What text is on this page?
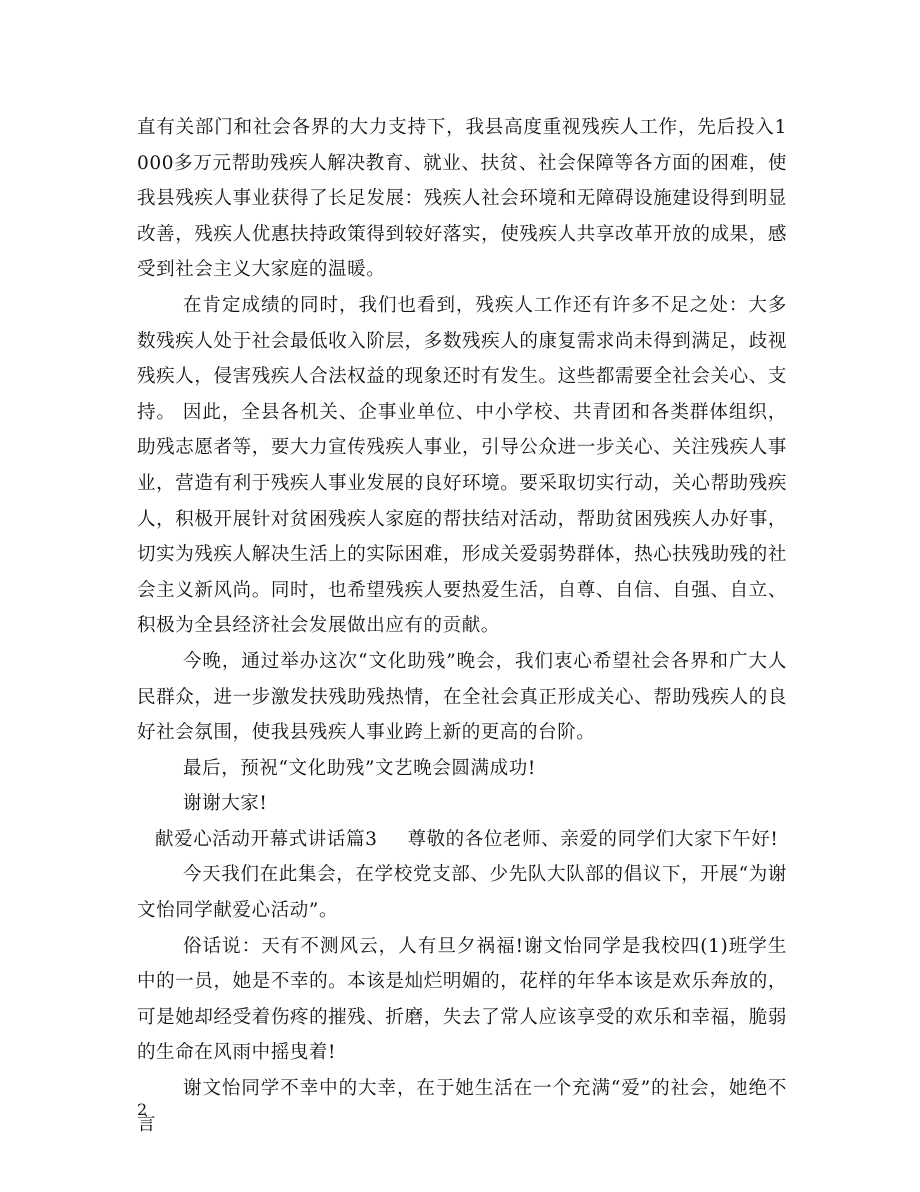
直有关部门和社会各界的大力支持下，我县高度重视残疾人工作，先后投入1000多万元帮助残疾人解决教育、就业、扶贫、社会保障等各方面的困难，使我县残疾人事业获得了长足发展：残疾人社会环境和无障碍设施建设得到明显改善，残疾人优惠扶持政策得到较好落实，使残疾人共享改革开放的成果，感受到社会主义大家庭的温暖。

在肯定成绩的同时，我们也看到，残疾人工作还有许多不足之处：大多数残疾人处于社会最低收入阶层，多数残疾人的康复需求尚未得到满足，歧视残疾人，侵害残疾人合法权益的现象还时有发生。这些都需要全社会关心、支持。 因此，全县各机关、企事业单位、中小学校、共青团和各类群体组织，助残志愿者等，要大力宣传残疾人事业，引导公众进一步关心、关注残疾人事业，营造有利于残疾人事业发展的良好环境。要采取切实行动，关心帮助残疾人，积极开展针对贫困残疾人家庭的帮扶结对活动，帮助贫困残疾人办好事，切实为残疾人解决生活上的实际困难，形成关爱弱势群体，热心扶残助残的社会主义新风尚。同时，也希望残疾人要热爱生活，自尊、自信、自强、自立、积极为全县经济社会发展做出应有的贡献。

今晚，通过举办这次“文化助残”晚会，我们衷心希望社会各界和广大人民群众，进一步激发扶残助残热情，在全社会真正形成关心、帮助残疾人的良好社会氛围，使我县残疾人事业跨上新的更高的台阶。

最后，预祝“文化助残”文艺晚会圆满成功!

谢谢大家!

献爱心活动开幕式讲话篇3 尊敬的各位老师、亲爱的同学们大家下午好!

今天我们在此集会，在学校党支部、少先队大队部的倡议下，开展“为谢文怡同学献爱心活动”。

俗话说：天有不测风云，人有旦夕祸福!谢文怡同学是我校四(1)班学生中的一员，她是不幸的。本该是灿烂明媚的，花样的年华本该是欢乐奔放的，可是她却经受着伤疼的摧残、折磨，失去了常人应该享受的欢乐和幸福，脆弱的生命在风雨中摇曳着!

谢文怡同学不幸中的大幸，在于她生活在一个充满“爱”的社会，她绝不言

2
